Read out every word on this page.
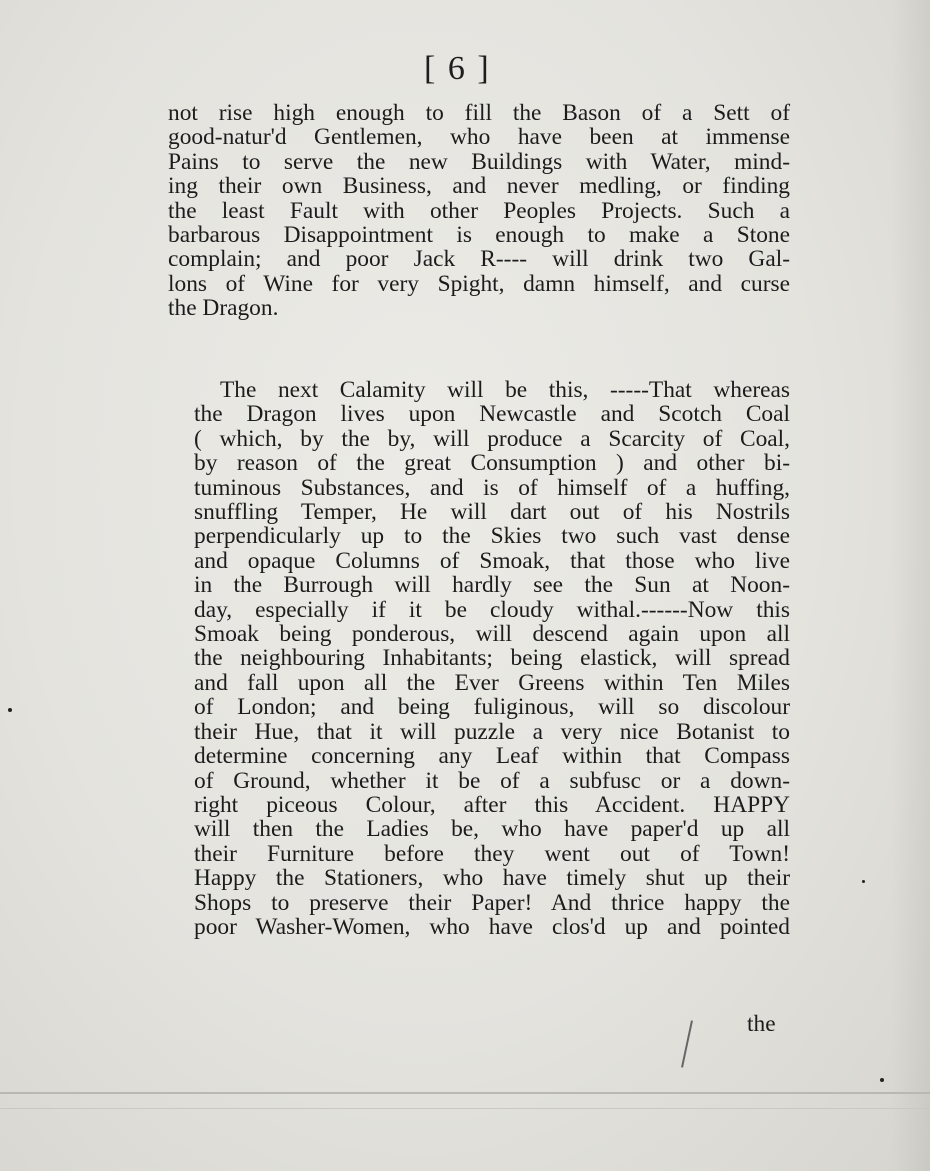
[ 6 ]
not rise high enough to fill the Bason of a Sett of
good-natur'd Gentlemen, who have been at immense
Pains to serve the new Buildings with Water, mind-
ing their own Business, and never medling, or finding
the least Fault with other Peoples Projects. Such a
barbarous Disappointment is enough to make a Stone
complain; and poor Jack R---- will drink two Gal-
lons of Wine for very Spight, damn himself, and curse
the Dragon.
The next Calamity will be this, -----That whereas
the Dragon lives upon Newcastle and Scotch Coal
( which, by the by, will produce a Scarcity of Coal,
by reason of the great Consumption ) and other bi-
tuminous Substances, and is of himself of a huffing,
snuffling Temper, He will dart out of his Nostrils
perpendicularly up to the Skies two such vast dense
and opaque Columns of Smoak, that those who live
in the Burrough will hardly see the Sun at Noon-
day, especially if it be cloudy withal.------Now this
Smoak being ponderous, will descend again upon all
the neighbouring Inhabitants; being elastick, will spread
and fall upon all the Ever Greens within Ten Miles
of London; and being fuliginous, will so discolour
their Hue, that it will puzzle a very nice Botanist to
determine concerning any Leaf within that Compass
of Ground, whether it be of a subfusc or a down-
right piceous Colour, after this Accident. HAPPY
will then the Ladies be, who have paper'd up all
their Furniture before they went out of Town!
Happy the Stationers, who have timely shut up their
Shops to preserve their Paper! And thrice happy the
poor Washer-Women, who have clos'd up and pointed
the
